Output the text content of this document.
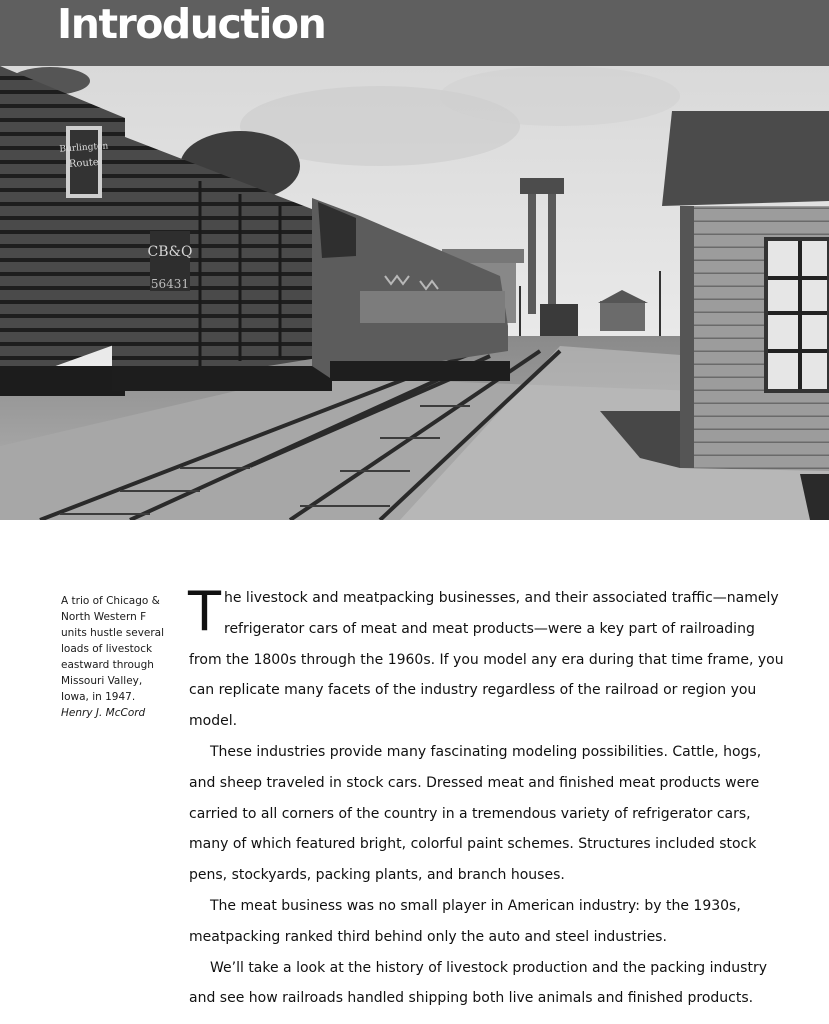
Introduction
Route
Burlington
CB&Q
56431
A trio of Chicago & North Western F units hustle several loads of livestock eastward through Missouri Valley, Iowa, in 1947.
Henry J. McCord

The livestock and meatpacking businesses, and their associated traffic—namely refrigerator cars of meat and meat products—were a key part of railroading from the 1800s through the 1960s. If you model any era during that time frame, you can replicate many facets of the industry regardless of the railroad or region you model.

These industries provide many fascinating modeling possibilities. Cattle, hogs, and sheep traveled in stock cars. Dressed meat and finished meat products were carried to all corners of the country in a tremendous variety of refrigerator cars, many of which featured bright, colorful paint schemes. Structures included stock pens, stockyards, packing plants, and branch houses.

The meat business was no small player in American industry: by the 1930s, meatpacking ranked third behind only the auto and steel industries.

We’ll take a look at the history of livestock production and the packing industry and see how railroads handled shipping both live animals and finished products.
